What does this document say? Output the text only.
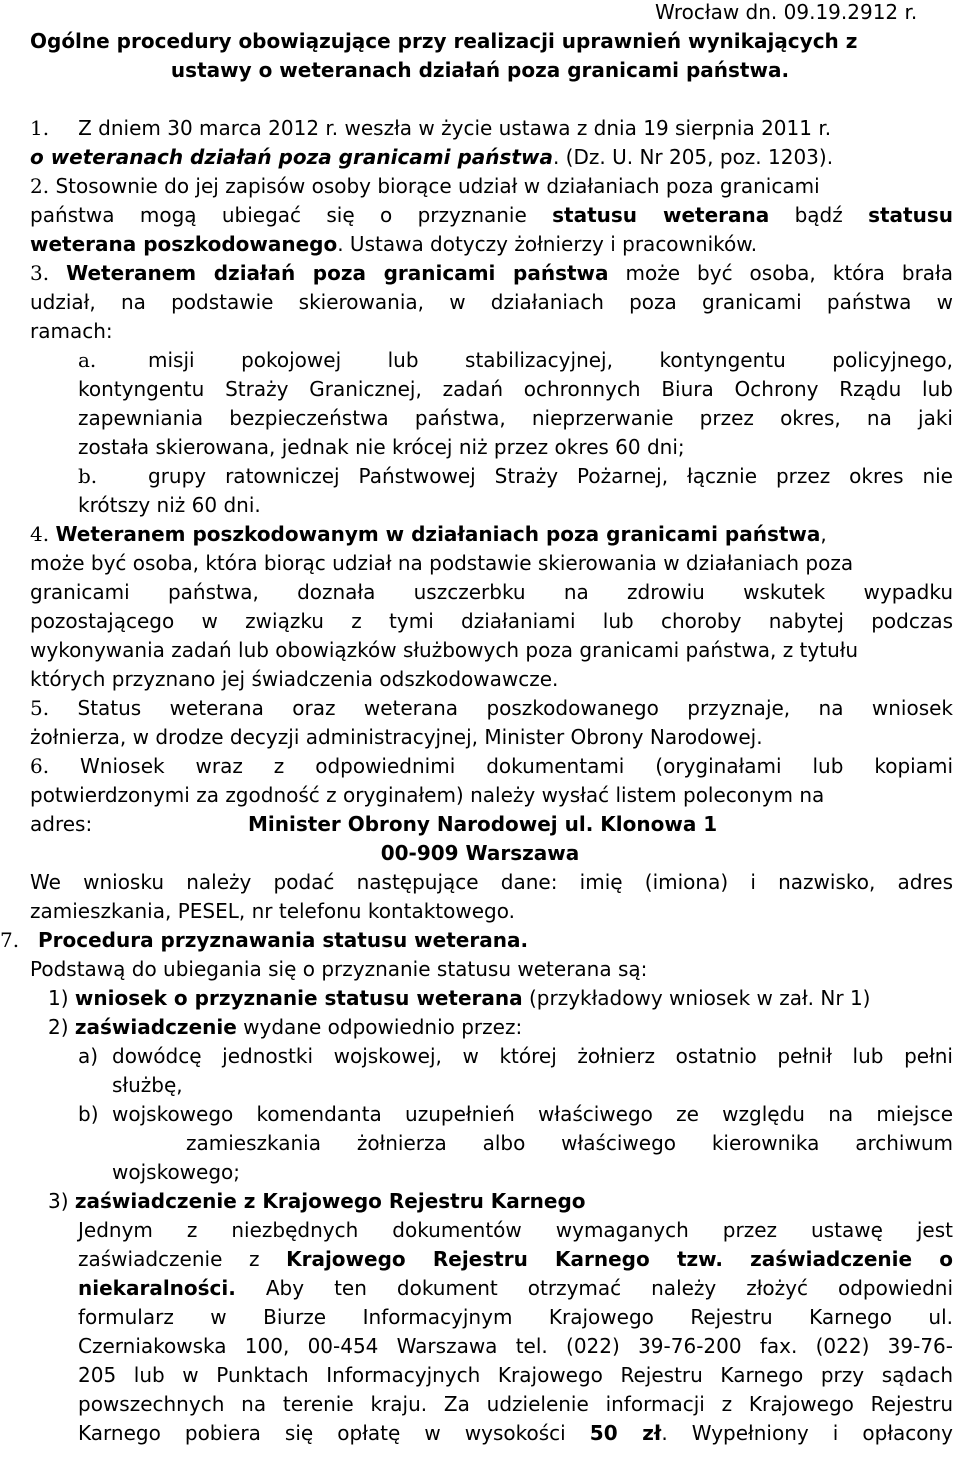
Wrocław dn. 09.19.2912 r.
Ogólne procedury obowiązujące przy realizacji uprawnień wynikających z
ustawy o weteranach działań poza granicami państwa.
1. Z dniem 30 marca 2012 r. weszła w życie ustawa z dnia 19 sierpnia 2011 r.
o weteranach działań poza granicami państwa. (Dz. U. Nr 205, poz. 1203).
2. Stosownie do jej zapisów osoby biorące udział w działaniach poza granicami
państwa mogą ubiegać się o przyznanie statusu weterana bądź statusu
weterana poszkodowanego. Ustawa dotyczy żołnierzy i pracowników.
3. Weteranem działań poza granicami państwa może być osoba, która brała
udział, na podstawie skierowania, w działaniach poza granicami państwa w
ramach:
a.	misji pokojowej lub stabilizacyjnej, kontyngentu policyjnego,
kontyngentu Straży Granicznej, zadań ochronnych Biura Ochrony Rządu lub
zapewniania bezpieczeństwa państwa, nieprzerwanie przez okres, na jaki
została skierowana, jednak nie krócej niż przez okres 60 dni;
b.	grupy ratowniczej Państwowej Straży Pożarnej, łącznie przez okres nie
krótszy niż 60 dni.
4. Weteranem poszkodowanym w działaniach poza granicami państwa,
może być osoba, która biorąc udział na podstawie skierowania w działaniach poza
granicami państwa, doznała uszczerbku na zdrowiu wskutek wypadku
pozostającego w związku z tymi działaniami lub choroby nabytej podczas
wykonywania zadań lub obowiązków służbowych poza granicami państwa, z tytułu
których przyznano jej świadczenia odszkodowawcze.
5. Status weterana oraz weterana poszkodowanego przyznaje, na wniosek
żołnierza, w drodze decyzji administracyjnej, Minister Obrony Narodowej.
6. Wniosek wraz z odpowiednimi dokumentami (oryginałami lub kopiami
potwierdzonymi za zgodność z oryginałem) należy wysłać listem poleconym na
adres:	Minister Obrony Narodowej ul. Klonowa 1
00-909 Warszawa
We wniosku należy podać następujące dane: imię (imiona) i nazwisko, adres
zamieszkania, PESEL, nr telefonu kontaktowego.
7. Procedura przyznawania statusu weterana.
Podstawą do ubiegania się o przyznanie statusu weterana są:
1) wniosek o przyznanie statusu weterana (przykładowy wniosek w zał. Nr 1)
2) zaświadczenie wydane odpowiednio przez:
a) dowódcę jednostki wojskowej, w której żołnierz ostatnio pełnił lub pełni
służbę,
b) wojskowego komendanta uzupełnień właściwego ze względu na miejsce
zamieszkania żołnierza albo właściwego kierownika archiwum
wojskowego;
3) zaświadczenie z Krajowego Rejestru Karnego
Jednym z niezbędnych dokumentów wymaganych przez ustawę jest
zaświadczenie z Krajowego Rejestru Karnego tzw. zaświadczenie o
niekaralności. Aby ten dokument otrzymać należy złożyć odpowiedni
formularz w Biurze Informacyjnym Krajowego Rejestru Karnego ul.
Czerniakowska 100, 00-454 Warszawa tel. (022) 39-76-200 fax. (022) 39-76-
205 lub w Punktach Informacyjnych Krajowego Rejestru Karnego przy sądach
powszechnych na terenie kraju. Za udzielenie informacji z Krajowego Rejestru
Karnego pobiera się opłatę w wysokości 50 zł. Wypełniony i opłacony
